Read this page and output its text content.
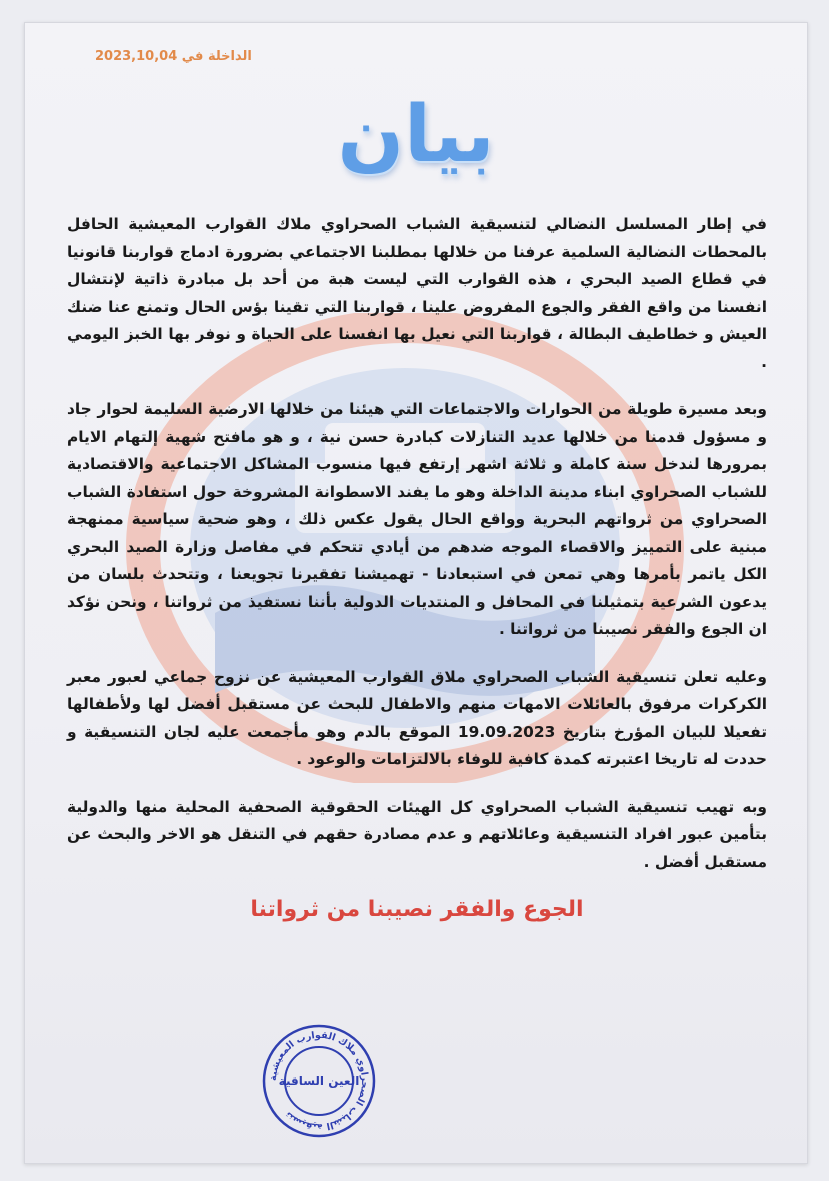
الداخلة في 2023,10,04
بيان

في إطار المسلسل النضالي لتنسيقية الشباب الصحراوي ملاك القوارب المعيشية الحافل بالمحطات النضالية السلمية عرفنا من خلالها بمطلبنا الاجتماعي بضرورة ادماج قواربنا قانونيا في قطاع الصيد البحري ، هذه القوارب التي ليست هبة من أحد بل مبادرة ذاتية لإنتشال انفسنا من واقع الفقر والجوع المفروض علينا ، قواربنا التي تقينا بؤس الحال وتمنع عنا ضنك العيش و خطاطيف البطالة ، قواربنا التي نعيل بها انفسنا على الحياة و نوفر بها الخبز اليومي .

وبعد مسيرة طويلة من الحوارات والاجتماعات التي هيئنا من خلالها الارضية السليمة لحوار جاد و مسؤول قدمنا من خلالها عديد التنازلات كبادرة حسن نية ، و هو مافتح شهية إلتهام الايام بمرورها لندخل سنة كاملة و ثلاثة اشهر إرتفع فيها منسوب المشاكل الاجتماعية والاقتصادية للشباب الصحراوي ابناء مدينة الداخلة وهو ما يفند الاسطوانة المشروخة حول استفادة الشباب الصحراوي من ثرواتهم البحرية وواقع الحال يقول عكس ذلك ، وهو ضحية سياسية ممنهجة مبنية على التمييز والاقصاء الموجه ضدهم من أيادي تتحكم في مفاصل وزارة الصيد البحري الكل ياتمر بأمرها وهي تمعن في استبعادنا - تهميشنا تفقيرنا تجويعنا ، وتتحدث بلسان من يدعون الشرعية بتمثيلنا في المحافل و المنتديات الدولية بأننا نستفيذ من ثرواتنا ، ونحن نؤكد ان الجوع والفقر نصيبنا من ثرواتنا .

وعليه تعلن تنسيقية الشباب الصحراوي ملاق القوارب المعيشية عن نزوح جماعي لعبور معبر الكركرات مرفوق بالعائلات الامهات منهم والاطفال للبحث عن مستقبل أفضل لها ولأطفالها تفعيلا للبيان المؤرخ بتاريخ 19.09.2023 الموقع بالدم وهو مأجمعت عليه لجان التنسيقية و حددت له تاريخا اعتبرته كمدة كافية للوفاء بالالتزامات والوعود .

وبه تهيب تنسيقية الشباب الصحراوي كل الهيئات الحقوقية الصحفية المحلية منها والدولية بتأمين عبور افراد التنسيقية وعائلاتهم و عدم مصادرة حقهم في التنقل هو الاخر والبحث عن مستقبل أفضل .

الجوع والفقر نصيبنا من ثرواتنا

تنسيقية الشباب الصحراوي ملاك القوارب المعيشية
العين الساقية
